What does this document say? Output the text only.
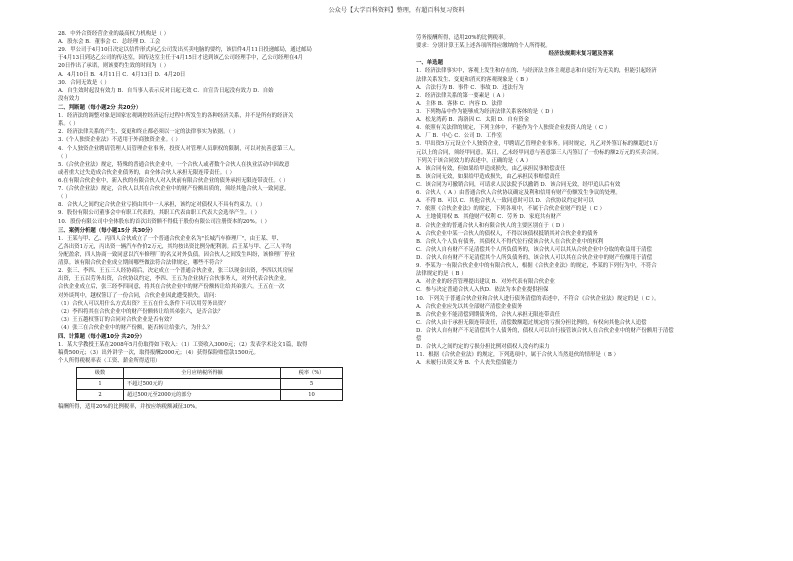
公众号【大学百科资料】整理，有超百科复习资料
28．中外合资经营企业的最高权力机构是（ ）
A．股东会 B．董事会 C．总经理 D．工会
29．甲公司于4月10日决定以信件形式向乙公司发出买卖电脑的要约，该信件4月11日投递邮局，通过邮局
于4月13日到达乙公司的传达室，因传达室主任于4月15日才送到该乙公司经理手中，乙公司经理在4月
20日作出了承诺，则该要约生效的时间为（ ）
A．4月10日 B．4月11日 C．4月13日 D．4月20日
30．合同无效是（ ）
A．自生效时起没有效力 B．自当事人表示反对日起无效 C．自宣告日起没有效力 D．自始
没有效力
二、判断题（每小题2分 共20分）
1．经济法的调整对象是国家宏观调控经济运行过程中所发生的各种经济关系，并不是所有的经济关
系。（ ）
2．经济法律关系的产生、变更和终止都必须以一定的法律事实为依据。（ ）
3.《个人独资企业法》不适用于外商独资企业。（ ）
4．个人独资企业聘请管理人员管理企业事务，投资人对管理人员职权的限制，可以对抗善意第三人。
（ ）
5.《合伙企业法》规定，特殊的普通合伙企业中，一个合伙人或者数个合伙人在执业活动中因故意
或者重大过失造成合伙企业债务的，由全体合伙人承担无限连带责任。（ ）
6.在有限合伙企业中，新入伙的有限合伙人对入伙前有限合伙企业的债务承担无限连带责任。（ ）
7.《合伙企业法》规定，合伙人以其在合伙企业中的财产份额出质的，须经其他合伙人一致同意。
（ ）
8．合伙人之间约定合伙企业亏损由其中一人承担，该约定对债权人不具有约束力。（ ）
9．股份有限公司董事会中有职工代表的，其职工代表由职工代表大会选举产生。（ ）
10．股份有限公司中全体股东的首次出资额不得低于股份有限公司注册资本的20%。（ ）
三、案例分析题（每小题15分 共30分）
1．王某与甲、乙、丙四人合伙成立了一个普通合伙企业名为"长城汽车修理厂"，由王某、甲、
乙各出资1万元，丙出资一辆汽车作价2万元，其均按出资比例分配利润。后王某与甲、乙三人平均
分配盈余，四人协商一致同意以汽车修理厂的名义对外负债。因合伙人之间发生纠纷，该修理厂停业
清算。该有限合伙企业成立期间哪些做法符合法律规定，哪些不符合？
2．张三、李四、王五三人经协商后，决定成立一个普通合伙企业，张三以现金出资，李四以其房屋
出资，王五以劳务出资，合伙协议约定，李四、王五为企业执行合伙事务人，对外代表合伙企业。
合伙企业成立后，张三经李四同意，将其在合伙企业中的财产份额转让给其弟张六。王五在一次
对外谈判中，越权签订了一份合同，合伙企业因此遭受损失。请问：
（1）合伙人可以用什么方式出资？王五在什么条件下可以用劳务出资？
（2）李四将其在合伙企业中的财产份额转让给其弟张六，是否合法？
（3）王五越权签订的合同对合伙企业是否有效？
（4）张三在合伙企业中的财产份额，能否转让给张六，为什么？
四、计算题（每小题10分 共20分）
1．某大学教授王某在2008年5月份取得如下收入：（1）工资收入3000元；（2）发表学术论文1篇，取得
稿费500元；（3）出外讲学一次，取得报酬2000元；（4）获得保险赔偿款1500元。
个人所得税税率表（工资、薪金所得适用）
级数	全月应纳税所得额	税率（%）
1	不超过500元的	5
2	超过500元至2000元的部分	10
稿酬所得，适用20%的比例税率，并按应纳税额减征30%。
劳务报酬所得，适用20%的比例税率。
要求：分别计算王某上述各项所得应缴纳的个人所得税。
经济法规期末复习题及答案
一、单选题
1．经济法律事实中，客观上发生和存在的、与经济法主体主观意志和自觉行为无关的，但能引起经济
法律关系发生、变更和消灭的客观现象是（ B ）
A．合法行为 B．事件 C．事故 D．违法行为
2．经济法律关系的第一要素是（ A ）
A．主体 B．客体 C．内容 D．法律
3．下列物品中作为能够成为经济法律关系客体的是（ D ）
A．松龙湾药 B．海洛因 C．太阳 D．自有资金
4．依照有关法律的规定，下列主体中，不能作为个人独资企业投资人的是（ C ）
A．厂 B．中心 C．公司 D．工作室
5．甲出资5万元设立个人独资企业，甲聘请乙管理企业事务。同时规定，凡乙对外签订标的额超过1万
元以上的合同，须经甲同意。某日，乙未经甲同意与善意第三人丙签订了一份标的额2万元的买卖合同。
下列关于该合同效力的表述中，正确的是（ A ）
A．该合同有效，但如果给甲造成损失，由乙承担民事赔偿责任
B．该合同无效，如果给甲造成损失，由乙承担民事赔偿责任
C．该合同为可撤销合同，可请求人民法院予以撤销 D．该合同无效，经甲追认后有效
6．合伙人（ A ）由普通合伙人合伙协议确定及利和信用有财产份额发生争议的处理。
A．不得 B．可以 C．其他合伙人一致同意时可以 D．合伙协议约定时可以
7．依照《合伙企业法》的规定，下列各项中，不属于合伙企业财产的是（ C ）
A．土地使用权 B．其他财产权利 C．劳务 D．家庭共有财产
8．合伙企业的普通合伙人和有限合伙人的主要区别在于（ D ）
A．合伙企业中某一合伙人的债权人，不得以该债权抵销其对合伙企业的债务
B．合伙人个人负有债务，其债权人不得代位行使该合伙人在合伙企业中的权利
C．合伙人自有财产不足清偿其个人所负债务的，该合伙人可以其从合伙企业中分取的收益用于清偿
D．合伙人自有财产不足清偿其个人所负债务的，该合伙人可以其在合伙企业中的财产份额用于清偿
9．李某为一有限合伙企业中的有限合伙人，根据《合伙企业法》的规定，李某的下列行为中，不符合
法律规定的是（ B ）
A．对企业的经营管理提出建议 B．对外代表有限合伙企业
C．参与决定普通合伙人入伙D．依法为本企业提供担保
10．下列关于普通合伙企业和合伙人进行债务清偿的表述中，不符合《合伙企业法》规定的是（ C ）。
A．合伙企业应先以其全部财产清偿企业债务
B．合伙企业不能清偿到期债务的，合伙人承担无限连带责任
C．合伙人由于承担无限连带责任，清偿数额超过规定的亏损分担比例的，有权向其他合伙人追偿
D．合伙人自有财产不足清偿其个人债务的，债权人可以自行接管该合伙人在合伙企业中的财产份额用于清偿
偿
D．合伙人之间约定的亏损分担比例对债权人没有约束力
11．根据《合伙企业法》的规定，下列选项中，属于合伙人当然退伙的情形是（ B ）
A．未履行出资义务 B．个人丧失偿债能力
